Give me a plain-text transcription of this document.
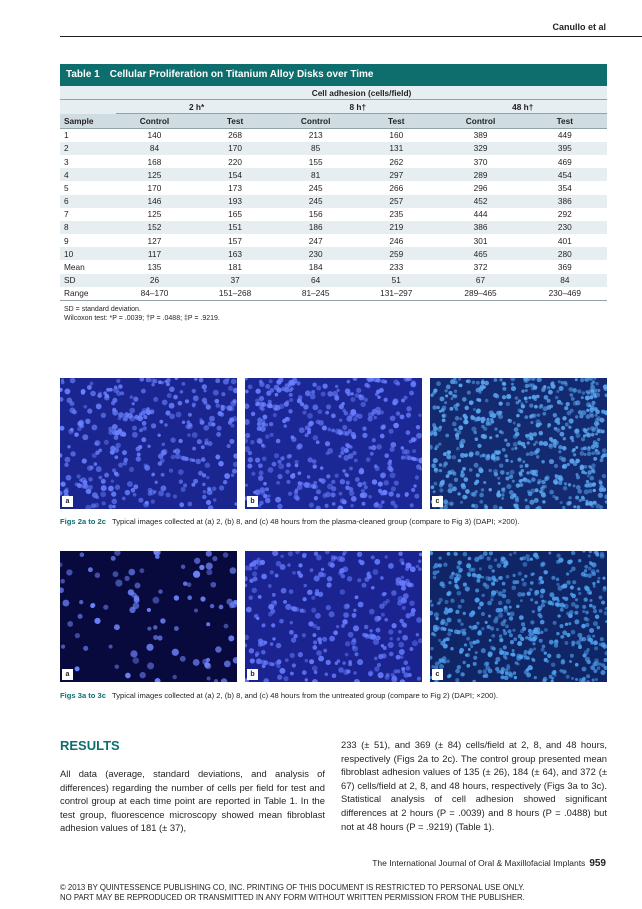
Canullo et al
Table 1 Cellular Proliferation on Titanium Alloy Disks over Time
	Cell adhesion (cells/field)					
	2 h*		8 h†		48 h†	
Sample	Control	Test	Control	Test	Control	Test
1	140	268	213	160	389	449
2	84	170	85	131	329	395
3	168	220	155	262	370	469
4	125	154	81	297	289	454
5	170	173	245	266	296	354
6	146	193	245	257	452	386
7	125	165	156	235	444	292
8	152	151	186	219	386	230
9	127	157	247	246	301	401
10	117	163	230	259	465	280
Mean	135	181	184	233	372	369
SD	26	37	64	51	67	84
Range	84–170	151–268	81–245	131–297	289–465	230–469
SD = standard deviation.
Wilcoxon test: *P = .0039; †P = .0488; ‡P = .9219.
a	b	c
Figs 2a to 2c Typical images collected at (a) 2, (b) 8, and (c) 48 hours from the plasma-cleaned group (compare to Fig 3) (DAPI; ×200).
a	b	c
Figs 3a to 3c Typical images collected at (a) 2, (b) 8, and (c) 48 hours from the untreated group (compare to Fig 2) (DAPI; ×200).
RESULTS
All data (average, standard deviations, and analysis of differences) regarding the number of cells per field for test and control group at each time point are reported in Table 1. In the test group, fluorescence microscopy showed mean fibroblast adhesion values of 181 (± 37),
233 (± 51), and 369 (± 84) cells/field at 2, 8, and 48 hours, respectively (Figs 2a to 2c). The control group presented mean fibroblast adhesion values of 135 (± 26), 184 (± 64), and 372 (± 67) cells/field at 2, 8, and 48 hours, respectively (Figs 3a to 3c). Statistical analysis of cell adhesion showed significant differences at 2 hours (P = .0039) and 8 hours (P = .0488) but not at 48 hours (P = .9219) (Table 1).
The International Journal of Oral & Maxillofacial Implants 959
© 2013 BY QUINTESSENCE PUBLISHING CO, INC. PRINTING OF THIS DOCUMENT IS RESTRICTED TO PERSONAL USE ONLY.
NO PART MAY BE REPRODUCED OR TRANSMITTED IN ANY FORM WITHOUT WRITTEN PERMISSION FROM THE PUBLISHER.
